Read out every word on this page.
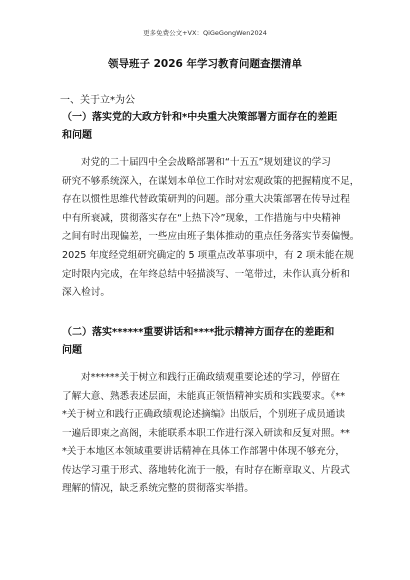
更多免费公文+VX：QiGeGongWen2024
领导班子 2026 年学习教育问题查摆清单
一、关于立*为公
（一）落实党的大政方针和*中央重大决策部署方面存在的差距
和问题
对党的二十届四中全会战略部署和“十五五”规划建议的学习
研究不够系统深入，在谋划本单位工作时对宏观政策的把握精度不足，
存在以惯性思维代替政策研判的问题。部分重大决策部署在传导过程
中有所衰减，贯彻落实存在“上热下冷”现象，工作措施与中央精神
之间有时出现偏差，一些应由班子集体推动的重点任务落实节奏偏慢。
2025 年度经党组研究确定的 5 项重点改革事项中，有 2 项未能在规
定时限内完成，在年终总结中轻描淡写、一笔带过，未作认真分析和
深入检讨。
（二）落实******重要讲话和****批示精神方面存在的差距和
问题
对******关于树立和践行正确政绩观重要论述的学习，停留在
了解大意、熟悉表述层面，未能真正领悟精神实质和实践要求。《**
*关于树立和践行正确政绩观论述摘编》出版后，个别班子成员通读
一遍后即束之高阁，未能联系本职工作进行深入研读和反复对照。**
*关于本地区本领域重要讲话精神在具体工作部署中体现不够充分，
传达学习重于形式、落地转化流于一般，有时存在断章取义、片段式
理解的情况，缺乏系统完整的贯彻落实举措。
